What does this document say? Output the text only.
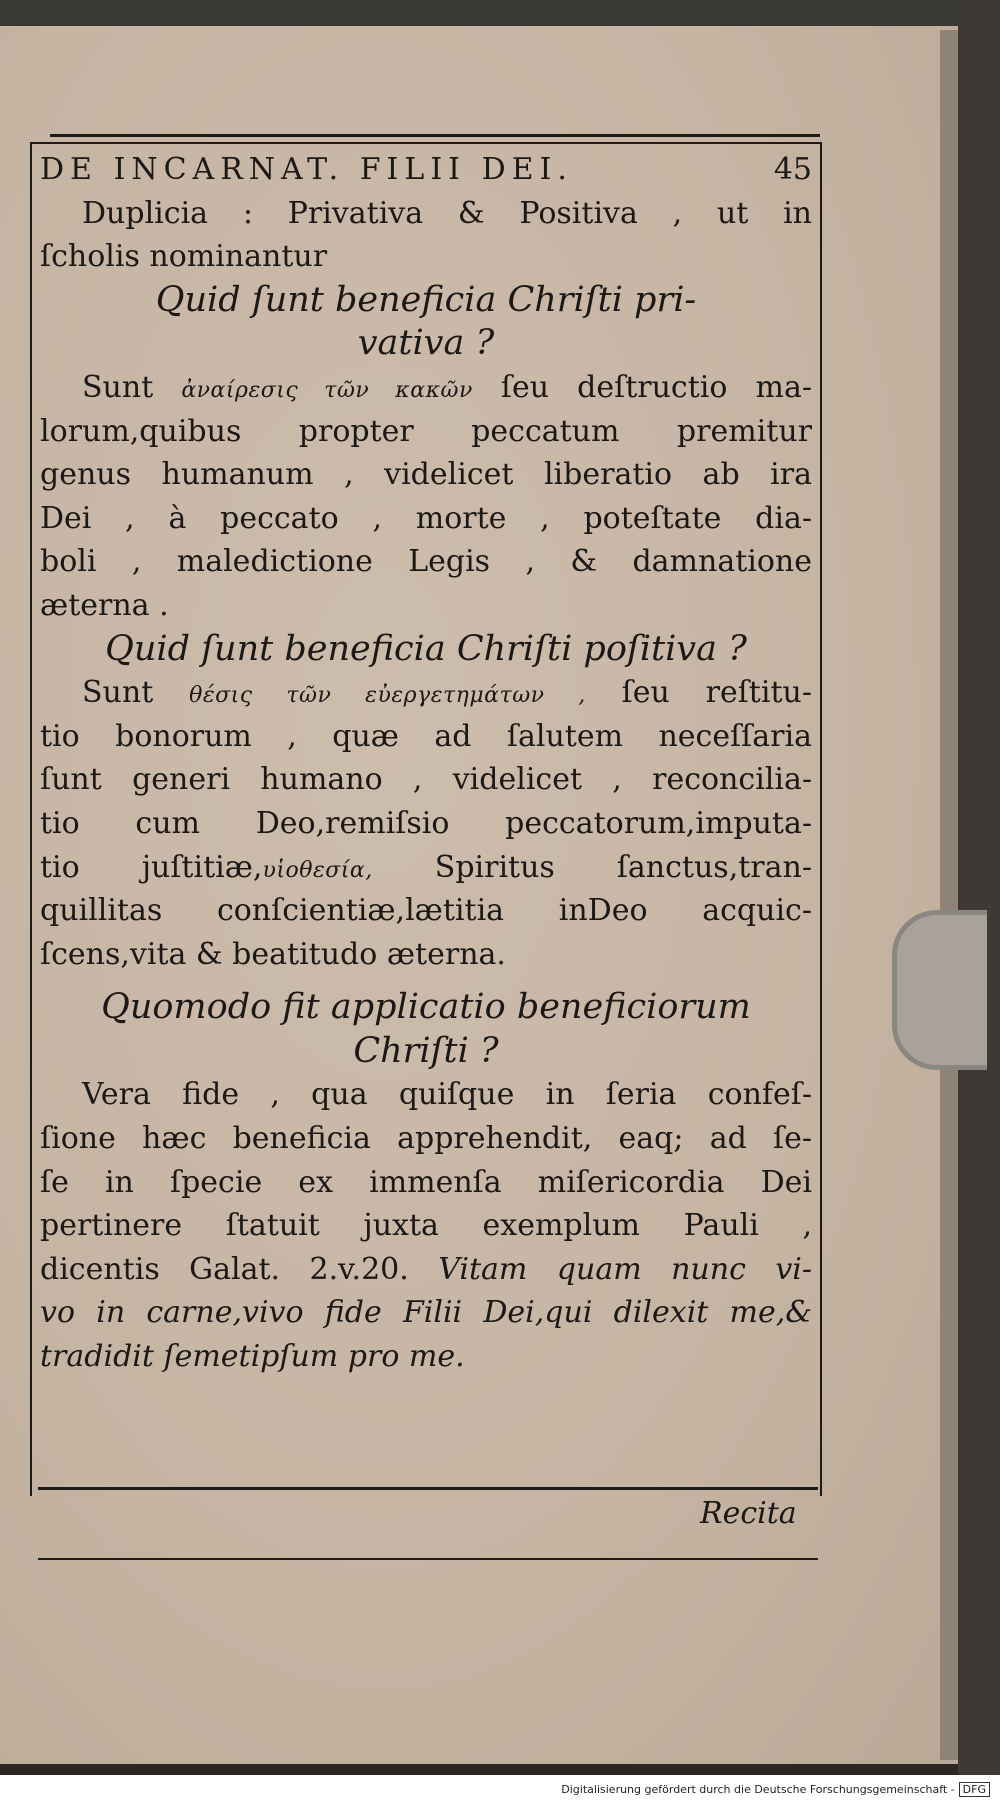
DE INCARNAT. FILII DEI.	45
Duplicia : Privativa & Positiva , ut in
ſcholis nominantur
Quid ſunt beneficia Chriſti pri-
vativa ?
Sunt ἀναίρεσις τῶν κακῶν ſeu deſtructio ma-
lorum,quibus propter peccatum premitur
genus humanum , videlicet liberatio ab ira
Dei , à peccato , morte , poteſtate dia-
boli , maledictione Legis , & damnatione
æterna .
Quid ſunt beneficia Chriſti poſitiva ?
Sunt θέσις τῶν εὐεργετημάτων , ſeu reſtitu-
tio bonorum , quæ ad ſalutem neceſſaria
ſunt generi humano , videlicet , reconcilia-
tio cum Deo,remiſsio peccatorum,imputa-
tio juſtitiæ,υἱοθεσία, Spiritus ſanctus,tran-
quillitas conſcientiæ,lætitia inDeo acquic-
ſcens,vita & beatitudo æterna.
Quomodo fit applicatio beneficiorum
Chriſti ?
Vera fide , qua quiſque in ſeria confeſ-
ſione hæc beneficia apprehendit, eaq; ad ſe-
ſe in ſpecie ex immenſa miſericordia Dei
pertinere ſtatuit juxta exemplum Pauli ,
dicentis Galat. 2.v.20. Vitam quam nunc vi-
vo in carne,vivo fide Filii Dei,qui dilexit me,&
tradidit ſemetipſum pro me.
Recita
Digitalisierung gefördert durch die Deutsche Forschungsgemeinschaft - DFG
